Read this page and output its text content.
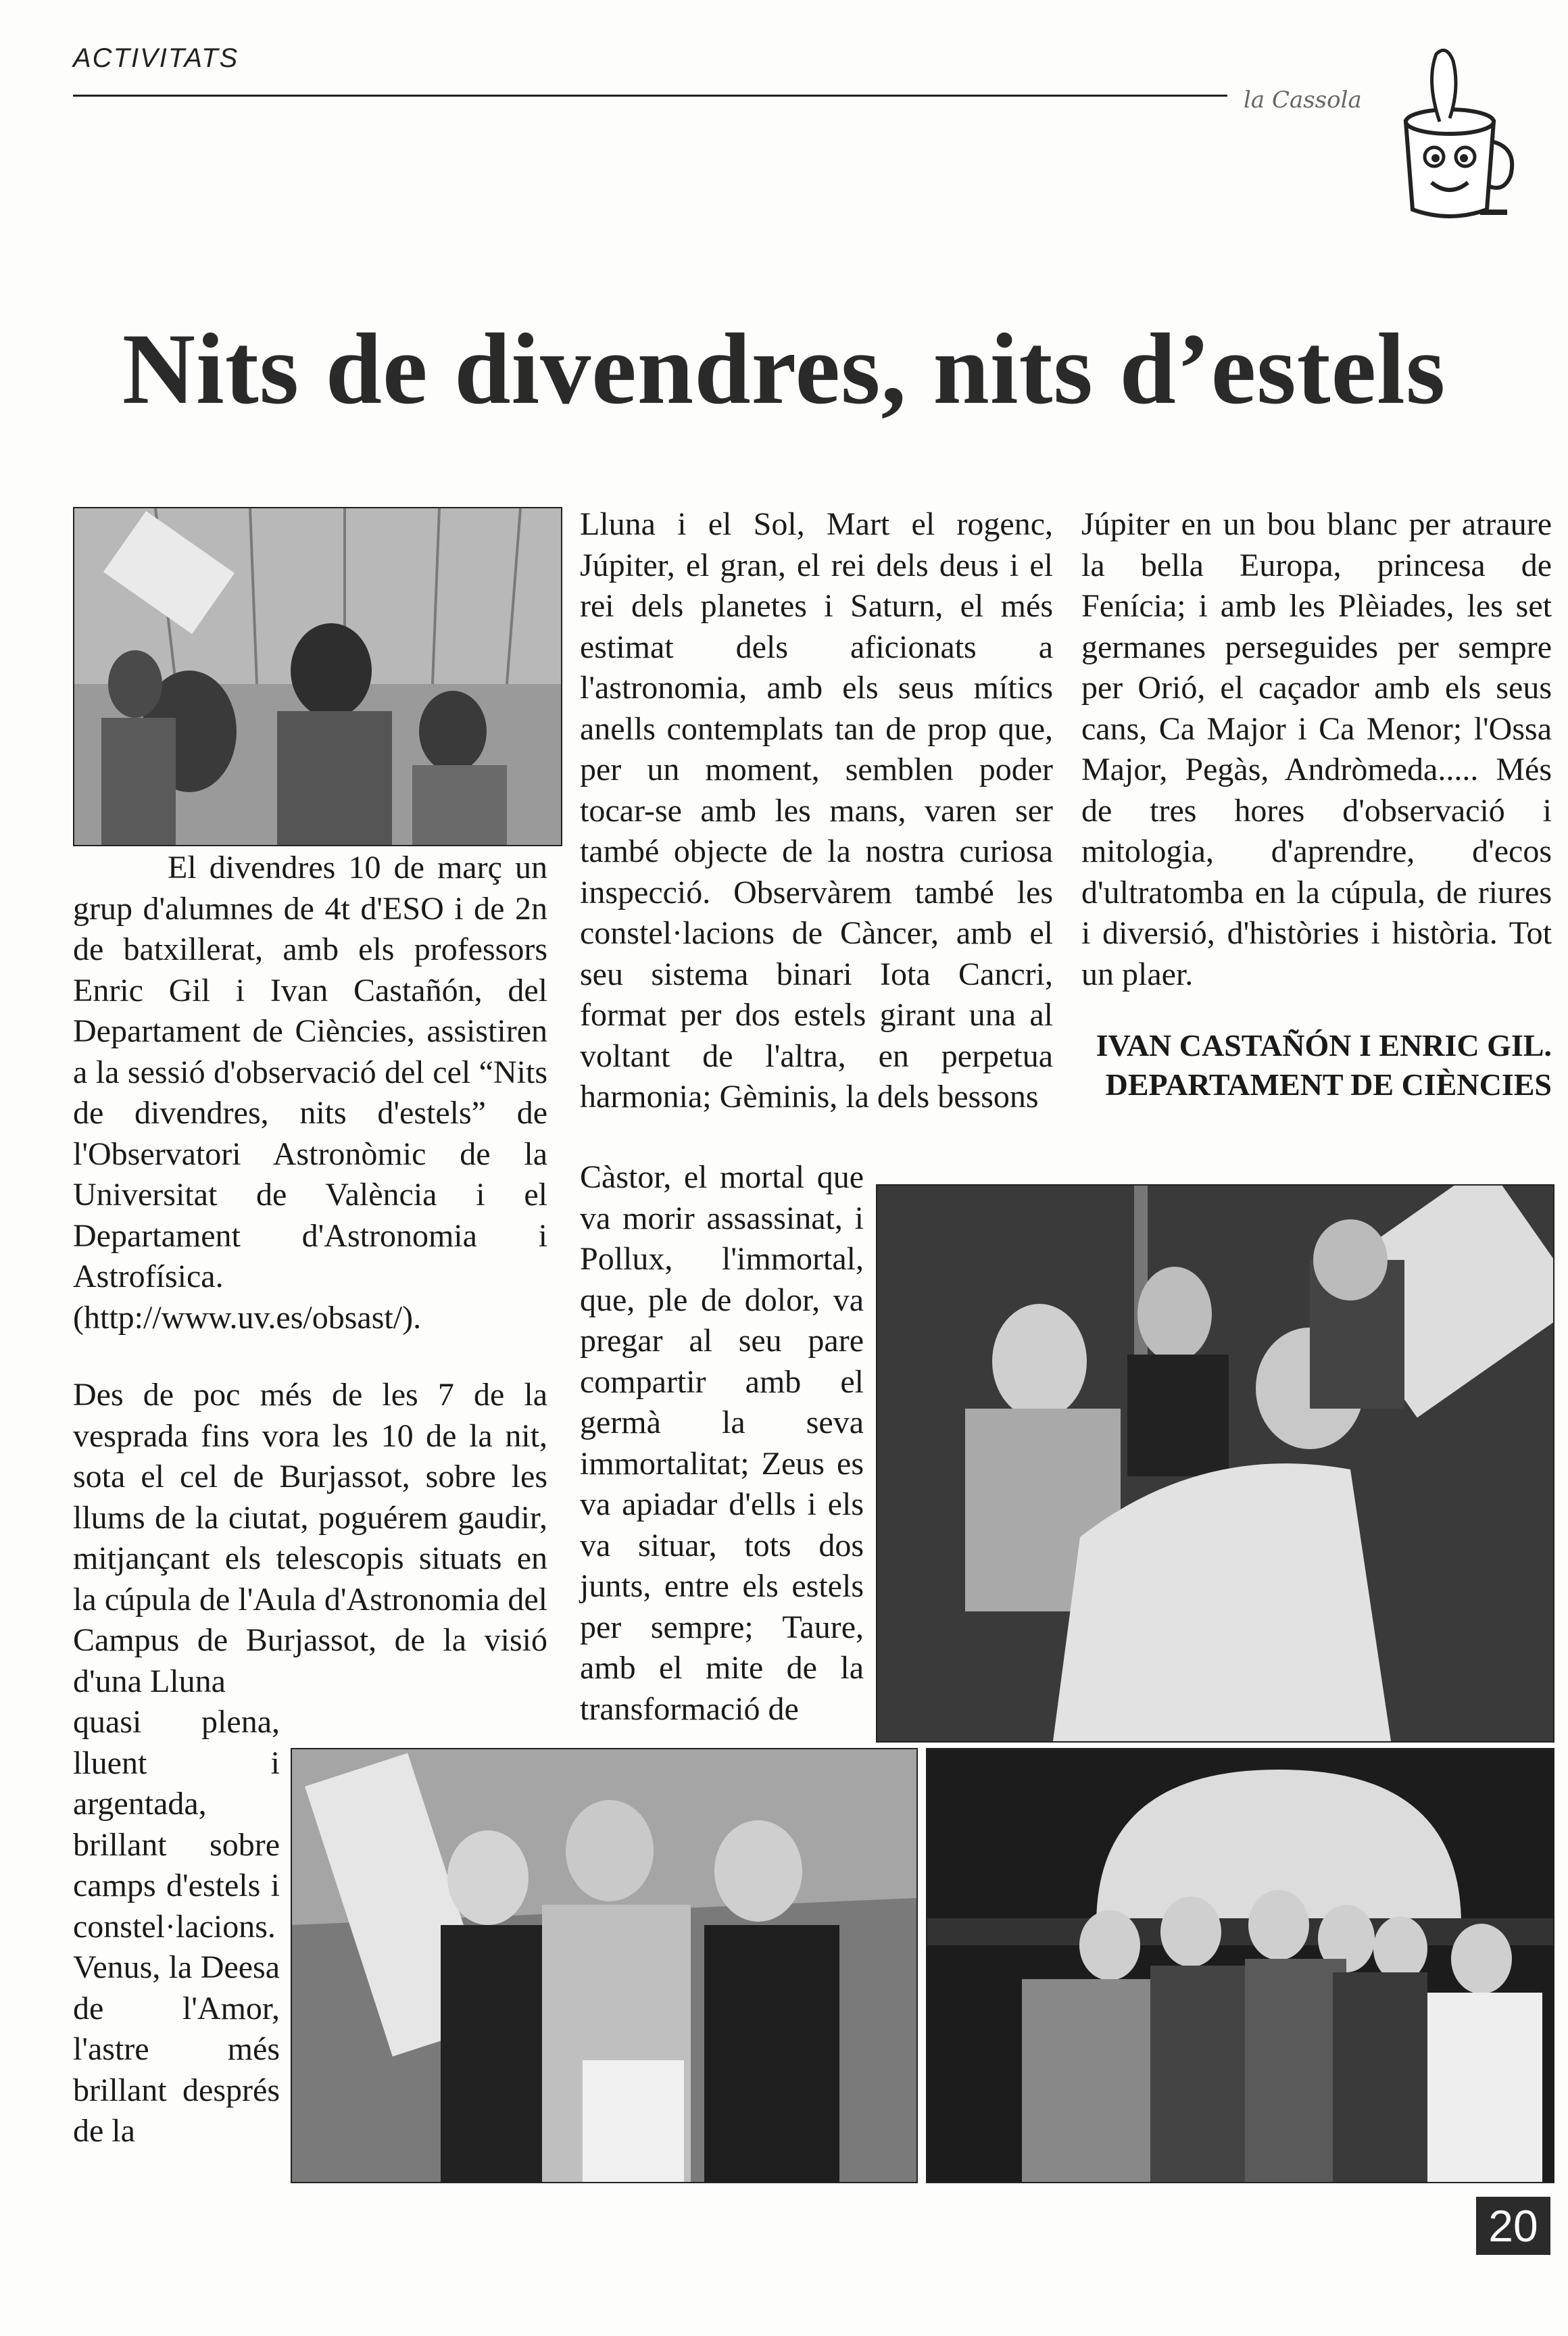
ACTIVITATS
la Cassola
Nits de divendres, nits d’estels

El divendres 10 de març un grup d'alumnes de 4t d'ESO i de 2n de batxillerat, amb els professors Enric Gil i Ivan Castañón, del Departament de Ciències, assistiren a la sessió d'observació del cel “Nits de divendres, nits d'estels” de l'Observatori Astronòmic de la Universitat de València i el Departament d'Astronomia i Astrofísica. (http://www.uv.es/obsast/).

Des de poc més de les 7 de la vesprada fins vora les 10 de la nit, sota el cel de Burjassot, sobre les llums de la ciutat, poguérem gaudir, mitjançant els telescopis situats en la cúpula de l'Aula d'Astronomia del Campus de Burjassot, de la visió d'una Lluna

quasi plena, lluent i argentada, brillant sobre camps d'estels i constel·lacions. Venus, la Deesa de l'Amor, l'astre més brillant després de la

Lluna i el Sol, Mart el rogenc, Júpiter, el gran, el rei dels deus i el rei dels planetes i Saturn, el més estimat dels aficionats a l'astronomia, amb els seus mítics anells contemplats tan de prop que, per un moment, semblen poder tocar-se amb les mans, varen ser també objecte de la nostra curiosa inspecció. Observàrem també les constel·lacions de Càncer, amb el seu sistema binari Iota Cancri, format per dos estels girant una al voltant de l'altra, en perpetua harmonia; Gèminis, la dels bessons

Càstor, el mortal que va morir assassinat, i Pollux, l'immortal, que, ple de dolor, va pregar al seu pare compartir amb el germà la seva immortalitat; Zeus es va apiadar d'ells i els va situar, tots dos junts, entre els estels per sempre; Taure, amb el mite de la transformació de

Júpiter en un bou blanc per atraure la bella Europa, princesa de Fenícia; i amb les Plèiades, les set germanes perseguides per sempre per Orió, el caçador amb els seus cans, Ca Major i Ca Menor; l'Ossa Major, Pegàs, Andròmeda..... Més de tres hores d'observació i mitologia, d'aprendre, d'ecos d'ultratomba en la cúpula, de riures i diversió, d'històries i història. Tot un plaer.

IVAN CASTAÑÓN I ENRIC GIL. DEPARTAMENT DE CIÈNCIES
20
